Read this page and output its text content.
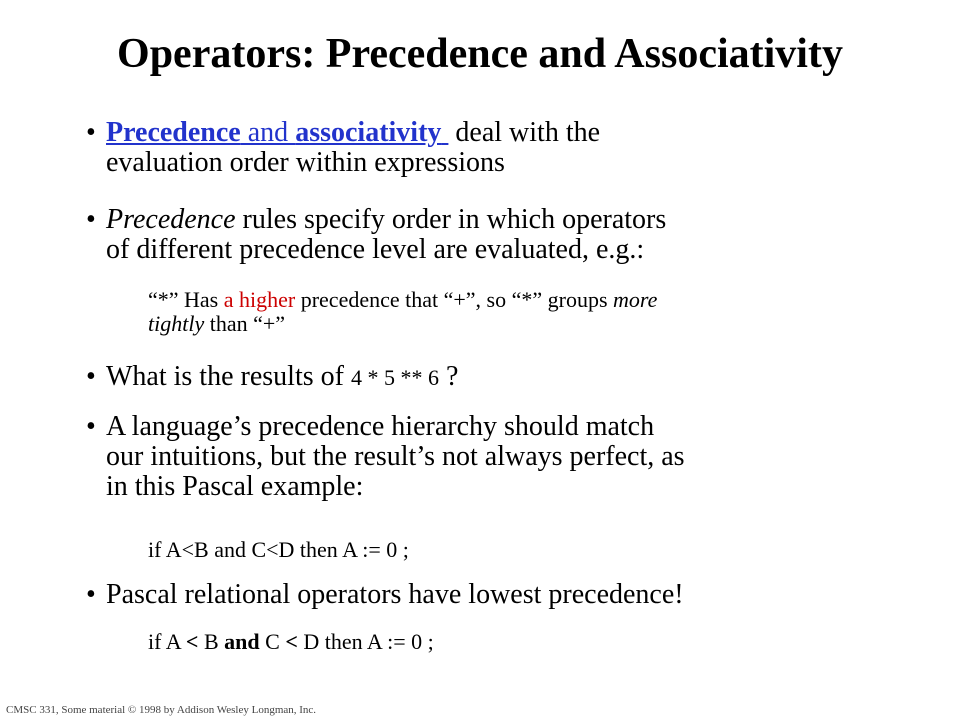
Operators: Precedence and Associativity
• Precedence and associativity  deal with the
evaluation order within expressions
• Precedence rules specify order in which operators
of different precedence level are evaluated, e.g.:
“*” Has a higher precedence that “+”, so “*” groups more
tightly than “+”
• What is the results of 4 * 5 ** 6 ?
• A language’s precedence hierarchy should match
our intuitions, but the result’s not always perfect, as
in this Pascal example:
if A<B and C<D then A := 0 ;
• Pascal relational operators have lowest precedence!
if A < B and C < D then A := 0 ;
CMSC 331, Some material © 1998 by Addison Wesley Longman, Inc.
